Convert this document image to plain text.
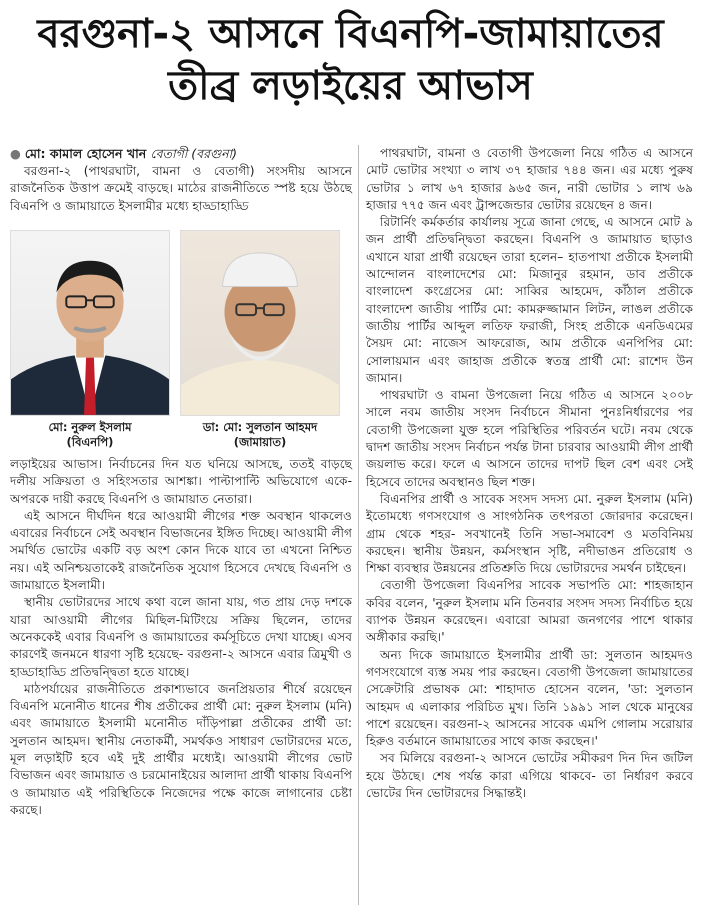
বরগুনা-২ আসনে বিএনপি-জামায়াতের
তীব্র লড়াইয়ের আভাস
● মো: কামাল হোসেন খান বেতাগী (বরগুনা)

বরগুনা-২ (পাথরঘাটা, বামনা ও বেতাগী) সংসদীয় আসনে রাজনৈতিক উত্তাপ ক্রমেই বাড়ছে। মাঠের রাজনীতিতে স্পষ্ট হয়ে উঠছে বিএনপি ও জামায়াতে ইসলামীর মধ্যে হাড্ডাহাড্ডি

মো: নুরুল ইসলাম
(বিএনপি)
ডা: মো: সুলতান আহমদ
(জামায়াত)

লড়াইয়ের আভাস। নির্বাচনের দিন যত ঘনিয়ে আসছে, ততই বাড়ছে দলীয় সক্রিয়তা ও সহিংসতার আশঙ্কা। পাল্টাপাল্টি অভিযোগে একে-অপরকে দায়ী করছে বিএনপি ও জামায়াত নেতারা।

এই আসনে দীর্ঘদিন ধরে আওয়ামী লীগের শক্ত অবস্থান থাকলেও এবারের নির্বাচনে সেই অবস্থান বিভাজনের ইঙ্গিত দিচ্ছে। আওয়ামী লীগ সমর্থিত ভোটের একটি বড় অংশ কোন দিকে যাবে তা এখনো নিশ্চিত নয়। এই অনিশ্চয়তাকেই রাজনৈতিক সুযোগ হিসেবে দেখছে বিএনপি ও জামায়াতে ইসলামী।

স্থানীয় ভোটারদের সাথে কথা বলে জানা যায়, গত প্রায় দেড় দশকে যারা আওয়ামী লীগের মিছিল-মিটিংয়ে সক্রিয় ছিলেন, তাদের অনেককেই এবার বিএনপি ও জামায়াতের কর্মসূচিতে দেখা যাচ্ছে। এসব কারণেই জনমনে ধারণা সৃষ্টি হয়েছে- বরগুনা-২ আসনে এবার ত্রিমুখী ও হাড্ডাহাড্ডি প্রতিদ্বন্দ্বিতা হতে যাচ্ছে।

মাঠপর্যায়ের রাজনীতিতে প্রকাশ্যভাবে জনপ্রিয়তার শীর্ষে রয়েছেন বিএনপি মনোনীত ধানের শীষ প্রতীকের প্রার্থী মো: নুরুল ইসলাম (মনি) এবং জামায়াতে ইসলামী মনোনীত দাঁড়িপাল্লা প্রতীকের প্রার্থী ডা: সুলতান আহমদ। স্থানীয় নেতাকর্মী, সমর্থকও সাধারণ ভোটারদের মতে, মূল লড়াইটি হবে এই দুই প্রার্থীর মধ্যেই। আওয়ামী লীগের ভোট বিভাজন এবং জামায়াত ও চরমোনাইয়ের আলাদা প্রার্থী থাকায় বিএনপি ও জামায়াত এই পরিস্থিতিকে নিজেদের পক্ষে কাজে লাগানোর চেষ্টা করছে।

পাথরঘাটা, বামনা ও বেতাগী উপজেলা নিয়ে গঠিত এ আসনে মোট ভোটার সংখ্যা ৩ লাখ ৩৭ হাজার ৭৪৪ জন। এর মধ্যে পুরুষ ভোটার ১ লাখ ৬৭ হাজার ৯৬৫ জন, নারী ভোটার ১ লাখ ৬৯ হাজার ৭৭৫ জন এবং ট্রান্সজেন্ডার ভোটার রয়েছেন ৪ জন।

রিটার্নিং কর্মকর্তার কার্যালয় সূত্রে জানা গেছে, এ আসনে মোট ৯ জন প্রার্থী প্রতিদ্বন্দ্বিতা করছেন। বিএনপি ও জামায়াত ছাড়াও এখানে যারা প্রার্থী রয়েছেন তারা হলেন– হাতপাখা প্রতীকে ইসলামী আন্দোলন বাংলাদেশের মো: মিজানুর রহমান, ডাব প্রতীকে বাংলাদেশ কংগ্রেসের মো: সাব্বির আহমেদ, কাঁঠাল প্রতীকে বাংলাদেশ জাতীয় পার্টির মো: কামরুজ্জামান লিটন, লাঙল প্রতীকে জাতীয় পার্টির আব্দুল লতিফ ফরাজী, সিংহ প্রতীকে এনডিএমের সৈয়দ মো: নাজেস আফরোজ, আম প্রতীকে এনপিপির মো: সোলায়মান এবং জাহাজ প্রতীকে স্বতন্ত্র প্রার্থী মো: রাশেদ উন জামান।

পাথরঘাটা ও বামনা উপজেলা নিয়ে গঠিত এ আসনে ২০০৮ সালে নবম জাতীয় সংসদ নির্বাচনে সীমানা পুনঃনির্ধারণের পর বেতাগী উপজেলা যুক্ত হলে পরিস্থিতির পরিবর্তন ঘটে। নবম থেকে দ্বাদশ জাতীয় সংসদ নির্বাচন পর্যন্ত টানা চারবার আওয়ামী লীগ প্রার্থী জয়লাভ করে। ফলে এ আসনে তাদের দাপট ছিল বেশ এবং সেই হিসেবে তাদের অবস্থানও ছিল শক্ত।

বিএনপির প্রার্থী ও সাবেক সংসদ সদস্য মো. নুরুল ইসলাম (মনি) ইতোমধ্যে গণসংযোগ ও সাংগঠনিক তৎপরতা জোরদার করেছেন। গ্রাম থেকে শহর- সবখানেই তিনি সভা-সমাবেশ ও মতবিনিময় করছেন। স্থানীয় উন্নয়ন, কর্মসংস্থান সৃষ্টি, নদীভাঙন প্রতিরোধ ও শিক্ষা ব্যবস্থার উন্নয়নের প্রতিশ্রুতি দিয়ে ভোটারদের সমর্থন চাইছেন।

বেতাগী উপজেলা বিএনপির সাবেক সভাপতি মো: শাহজাহান কবির বলেন, 'নুরুল ইসলাম মনি তিনবার সংসদ সদস্য নির্বাচিত হয়ে ব্যাপক উন্নয়ন করেছেন। এবারো আমরা জনগণের পাশে থাকার অঙ্গীকার করছি।'

অন্য দিকে জামায়াতে ইসলামীর প্রার্থী ডা: সুলতান আহমদও গণসংযোগে ব্যস্ত সময় পার করছেন। বেতাগী উপজেলা জামায়াতের সেক্রেটারি প্রভাষক মো: শাহাদাত হোসেন বলেন, 'ডা: সুলতান আহমদ এ এলাকার পরিচিত মুখ। তিনি ১৯৯১ সাল থেকে মানুষের পাশে রয়েছেন। বরগুনা-২ আসনের সাবেক এমপি গোলাম সরোয়ার হিরুও বর্তমানে জামায়াতের সাথে কাজ করছেন।'

সব মিলিয়ে বরগুনা-২ আসনে ভোটের সমীকরণ দিন দিন জটিল হয়ে উঠছে। শেষ পর্যন্ত কারা এগিয়ে থাকবে- তা নির্ধারণ করবে ভোটের দিন ভোটারদের সিদ্ধান্তই।
